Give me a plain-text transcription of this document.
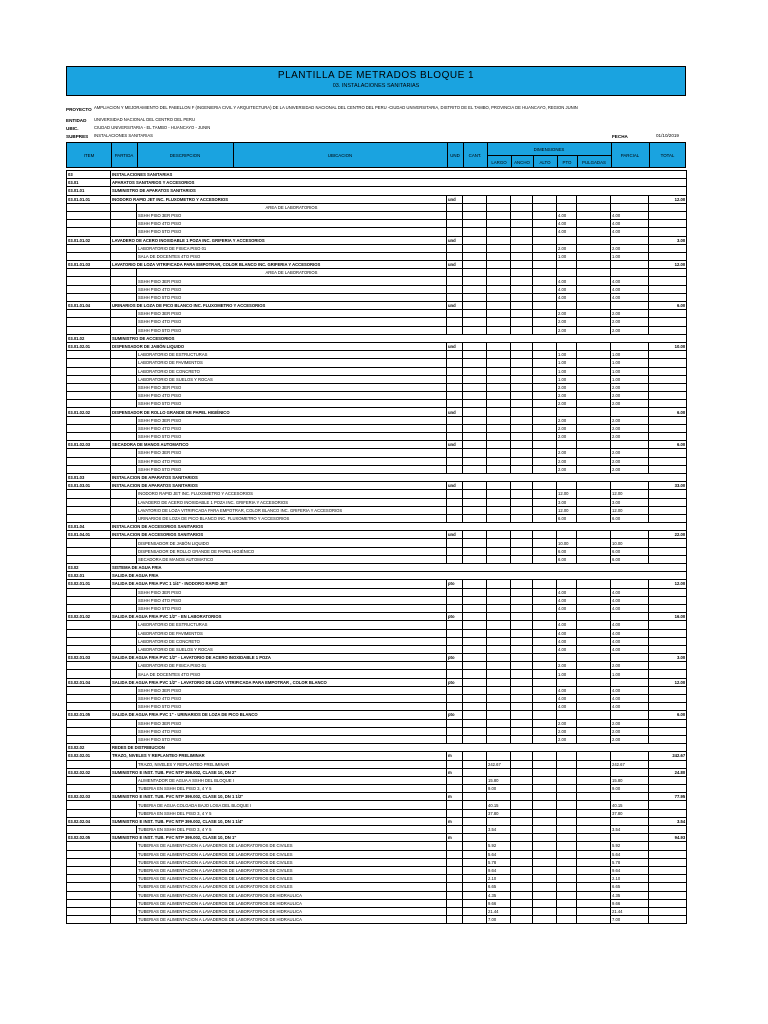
PLANTILLA DE METRADOS BLOQUE 1
03. INSTALACIONES SANITARIAS
PROYECTO AMPLIACION Y MEJORAMIENTO DEL PABELLON F (INGENIERIA CIVIL Y ARQUITECTURA) DE LA UNIVERSIDAD NACIONAL DEL CENTRO DEL PERU -CIUDAD UNIVERSITARIA, DISTRITO DE EL TAMBO, PROVINCIA DE HUANCAYO, REGION JUNIN
ENTIDAD UNIVERSIDAD NACIONAL DEL CENTRO DEL PERU
UBIC.	CIUDAD UNIVERSITARIA - EL TAMBO - HUANCAYO - JUNIN
SUBPRES INSTALACIONES SANITARIAS	FECHA	01/10/2019
ITEM	PARTIDA	DESCRIPCION	UBICACION	UND	CANT.
DIMENSIONES
LARGO	ANCHO	ALTO	PTO	PULGADAS
PARCIAL	TOTAL
03	INSTALACIONES SANITARIAS										
03.01	APARATOS SANITARIOS Y ACCESORIOS										
03.01.01	SUMINISTRO DE APARATOS SANITARIOS										
03.01.01.01	INODORO RAPID JET INC. FLUXOMETRO Y ACCESORIOS		und								12.00
		AREA DE LABORATORIOS									
		SSHH PISO 3ER PISO						4.00		4.00	
		SSHH PISO 4TO PISO						4.00		4.00	
		SSHH PISO 5TO PISO						4.00		4.00	
03.01.01.02	LAVADERO DE ACERO INOXIDABLE 1 POZA INC. GRIFERIA Y ACCESORIOS		und								3.00
		LABORATORIO DE FISICA PISO 01						2.00		2.00	
		SALA DE DOCENTES 4TO PISO						1.00		1.00	
03.01.01.03	LAVATORIO DE LOZA VITRIFICADA PARA EMPOTRAR, COLOR BLANCO INC. GRIFERIA Y ACCESORIOS		und								12.00
		AREA DE LABORATORIOS									
		SSHH PISO 3ER PISO						4.00		4.00	
		SSHH PISO 4TO PISO						4.00		4.00	
		SSHH PISO 5TO PISO						4.00		4.00	
03.01.01.04	URINARIOS DE LOZA DE PICO BLANCO INC. FLUXOMETRO Y ACCESORIOS		und								6.00
		SSHH PISO 3ER PISO						2.00		2.00	
		SSHH PISO 4TO PISO						2.00		2.00	
		SSHH PISO 5TO PISO						2.00		2.00	
03.01.02	SUMINISTRO DE ACCESORIOS										
03.01.02.01	DISPENSADOR DE JABÓN LIQUIDO		und								10.00
		LABORATORIO DE ESTRUCTURAS						1.00		1.00	
		LABORATORIO DE PAVIMENTOS						1.00		1.00	
		LABORATORIO DE CONCRETO						1.00		1.00	
		LABORATORIO DE SUELOS Y ROCAS						1.00		1.00	
		SSHH PISO 3ER PISO						2.00		2.00	
		SSHH PISO 4TO PISO						2.00		2.00	
		SSHH PISO 5TO PISO						2.00		2.00	
03.01.02.02	DISPENSADOR DE ROLLO GRANDE DE PAPEL HIGIÉNICO		und								6.00
		SSHH PISO 3ER PISO						2.00		2.00	
		SSHH PISO 4TO PISO						2.00		2.00	
		SSHH PISO 5TO PISO						2.00		2.00	
03.01.02.03	SECADORA DE MANOS AUTOMATICO		und								6.00
		SSHH PISO 3ER PISO						2.00		2.00	
		SSHH PISO 4TO PISO						2.00		2.00	
		SSHH PISO 5TO PISO						2.00		2.00	
03.01.03	INSTALACION DE APARATOS SANITARIOS										
03.01.03.01	INSTALACION DE APARATOS SANITARIOS		und								33.00
		INODORO RAPID JET INC. FLUXOMETRO Y ACCESORIOS						12.00		12.00	
		LAVADERO DE ACERO INOXIDABLE 1 POZA INC. GRIFERIA Y ACCESORIOS						3.00		3.00	
		LAVATORIO DE LOZA VITRIFICADA PARA EMPOTRAR, COLOR BLANCO INC. GRIFERIA Y ACCESORIOS						12.00		12.00	
		URINARIOS DE LOZA DE PICO BLANCO INC. FLUXOMETRO Y ACCESORIOS						6.00		6.00	
03.01.04	INSTALACION DE ACCESORIOS SANITARIOS										
03.01.04.01	INSTALACION DE ACCESORIOS SANITARIOS		und								22.00
		DISPENSADOR DE JABÓN LIQUIDO						10.00		10.00	
		DISPENSADOR DE ROLLO GRANDE DE PAPEL HIGIÉNICO						6.00		6.00	
		SECADORA DE MANOS AUTOMATICO						6.00		6.00	
03.02	SISTEMA DE AGUA FRIA										
03.02.01	SALIDA DE AGUA FRIA										
03.02.01.01	SALIDA DE AGUA FRIA PVC 1 1/4" - INODORO RAPID JET		pto								12.00
		SSHH PISO 3ER PISO						4.00		4.00	
		SSHH PISO 4TO PISO						4.00		4.00	
		SSHH PISO 5TO PISO						4.00		4.00	
03.02.01.02	SALIDA DE AGUA FRIA PVC 1/2" - EN LABORATORIOS		pto								16.00
		LABORATORIO DE ESTRUCTURAS						4.00		4.00	
		LABORATORIO DE PAVIMENTOS						4.00		4.00	
		LABORATORIO DE CONCRETO						4.00		4.00	
		LABORATORIO DE SUELOS Y ROCAS						4.00		4.00	
03.02.01.03	SALIDA DE AGUA FRIA PVC 1/2" - LAVATORIO DE ACERO INOXIDABLE 1 POZA		pto								3.00
		LABORATORIO DE FISICA PISO 01						2.00		2.00	
		SALA DE DOCENTES 4TO PISO						1.00		1.00	
03.02.01.04	SALIDA DE AGUA FRIA PVC 1/2" - LAVATORIO DE LOZA VITRIFICADA PARA EMPOTRAR , COLOR BLANCO		pto								12.00
		SSHH PISO 3ER PISO						4.00		4.00	
		SSHH PISO 4TO PISO						4.00		4.00	
		SSHH PISO 5TO PISO						4.00		4.00	
03.02.01.05	SALIDA DE AGUA FRIA PVC 1" - URINARIOS DE LOZA DE PICO BLANCO		pto								6.00
		SSHH PISO 3ER PISO						2.00		2.00	
		SSHH PISO 4TO PISO						2.00		2.00	
		SSHH PISO 5TO PISO						2.00		2.00	
03.02.02	REDES DE DISTRIBUCION										
03.02.02.01	TRAZO, NIVELES Y REPLANTEO PRELIMINAR		m								242.67
		TRAZO, NIVELES Y REPLANTEO PRELIMINAR			242.67					242.67	
03.02.02.02	SUMINISTRO E INST. TUB. PVC NTP 399.002, CLASE 10, DN 2"		m								24.80
		ALIMENTADOR DE AGUA A SSHH DEL BLOQUE I			15.80					15.80	
		TUBERIA EN SSHH DEL PISO 3, 4 Y 5			9.00					9.00	
03.02.02.03	SUMINISTRO E INST. TUB. PVC NTP 399.002, CLASE 10, DN 1 1/2"		m								77.95
		TUBERIA DE AGUA COLGADA BAJO LOSA DEL BLOQUE I			40.15					40.15	
		TUBERIA EN SSHH DEL PISO 3, 4 Y 5			37.80					37.80	
03.02.02.04	SUMINISTRO E INST. TUB. PVC NTP 399.002, CLASE 10, DN 1 1/4"		m								3.54
		TUBERIA EN SSHH DEL PISO 3, 4 Y 5			3.54					3.54	
03.02.02.05	SUMINISTRO E INST. TUB. PVC NTP 399.002, CLASE 10, DN 1"		m								94.93
		TUBERIAS DE ALIMENTACION A LAVADEROS DE LABORATORIOS DE CIVILES			5.92					5.92	
		TUBERIAS DE ALIMENTACION A LAVADEROS DE LABORATORIOS DE CIVILES			5.64					5.64	
		TUBERIAS DE ALIMENTACION A LAVADEROS DE LABORATORIOS DE CIVILES			5.78					5.78	
		TUBERIAS DE ALIMENTACION A LAVADEROS DE LABORATORIOS DE CIVILES			9.64					9.64	
		TUBERIAS DE ALIMENTACION A LAVADEROS DE LABORATORIOS DE CIVILES			2.10					2.10	
		TUBERIAS DE ALIMENTACION A LAVADEROS DE LABORATORIOS DE CIVILES			6.65					6.65	
		TUBERIAS DE ALIMENTACION A LAVADEROS DE LABORATORIOS DE HIDRAULICA			4.35					4.35	
		TUBERIAS DE ALIMENTACION A LAVADEROS DE LABORATORIOS DE HIDRAULICA			9.66					9.66	
		TUBERIAS DE ALIMENTACION A LAVADEROS DE LABORATORIOS DE HIDRAULICA			21.44					21.44	
		TUBERIAS DE ALIMENTACION A LAVADEROS DE LABORATORIOS DE HIDRAULICA			7.00					7.00	
